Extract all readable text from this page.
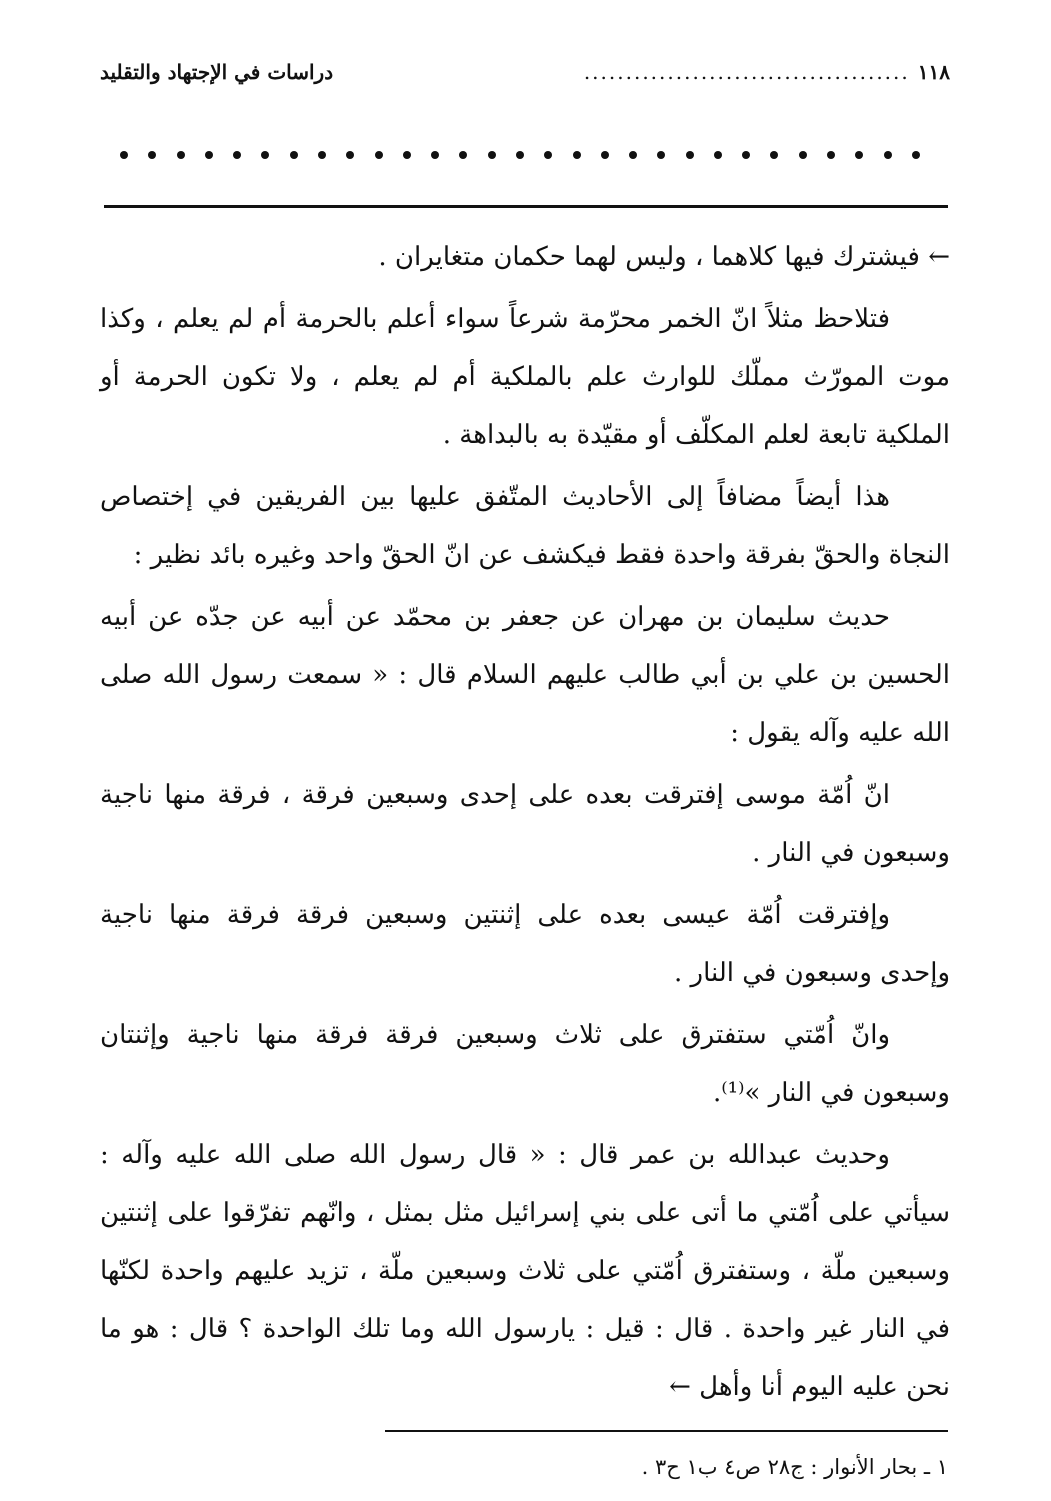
١١٨
.......................................
دراسات في الإجتهاد والتقليد

← فيشترك فيها كلاهما ، وليس لهما حكمان متغايران .

فتلاحظ مثلاً انّ الخمر محرّمة شرعاً سواء أعلم بالحرمة أم لم يعلم ، وكذا موت المورّث مملّك للوارث علم بالملكية أم لم يعلم ، ولا تكون الحرمة أو الملكية تابعة لعلم المكلّف أو مقيّدة به بالبداهة .

هذا أيضاً مضافاً إلى الأحاديث المتّفق عليها بين الفريقين في إختصاص النجاة والحقّ بفرقة واحدة فقط فيكشف عن انّ الحقّ واحد وغيره بائد نظير :

حديث سليمان بن مهران عن جعفر بن محمّد عن أبيه عن جدّه عن أبيه الحسين بن علي بن أبي طالب عليهم السلام قال : « سمعت رسول الله صلى الله عليه وآله يقول :

انّ اُمّة موسى إفترقت بعده على إحدى وسبعين فرقة ، فرقة منها ناجية وسبعون في النار .

وإفترقت اُمّة عيسى بعده على إثنتين وسبعين فرقة فرقة منها ناجية وإحدى وسبعون في النار .

وانّ اُمّتي ستفترق على ثلاث وسبعين فرقة فرقة منها ناجية وإثنتان وسبعون في النار »⁽¹⁾.

وحديث عبدالله بن عمر قال : « قال رسول الله صلى الله عليه وآله : سيأتي على اُمّتي ما أتى على بني إسرائيل مثل بمثل ، وانّهم تفرّقوا على إثنتين وسبعين ملّة ، وستفترق اُمّتي على ثلاث وسبعين ملّة ، تزيد عليهم واحدة لكنّها في النار غير واحدة . قال : قيل : يارسول الله وما تلك الواحدة ؟ قال : هو ما نحن عليه اليوم أنا وأهل ←

١ ـ بحار الأنوار : ج٢٨ ص٤ ب١ ح٣ .
